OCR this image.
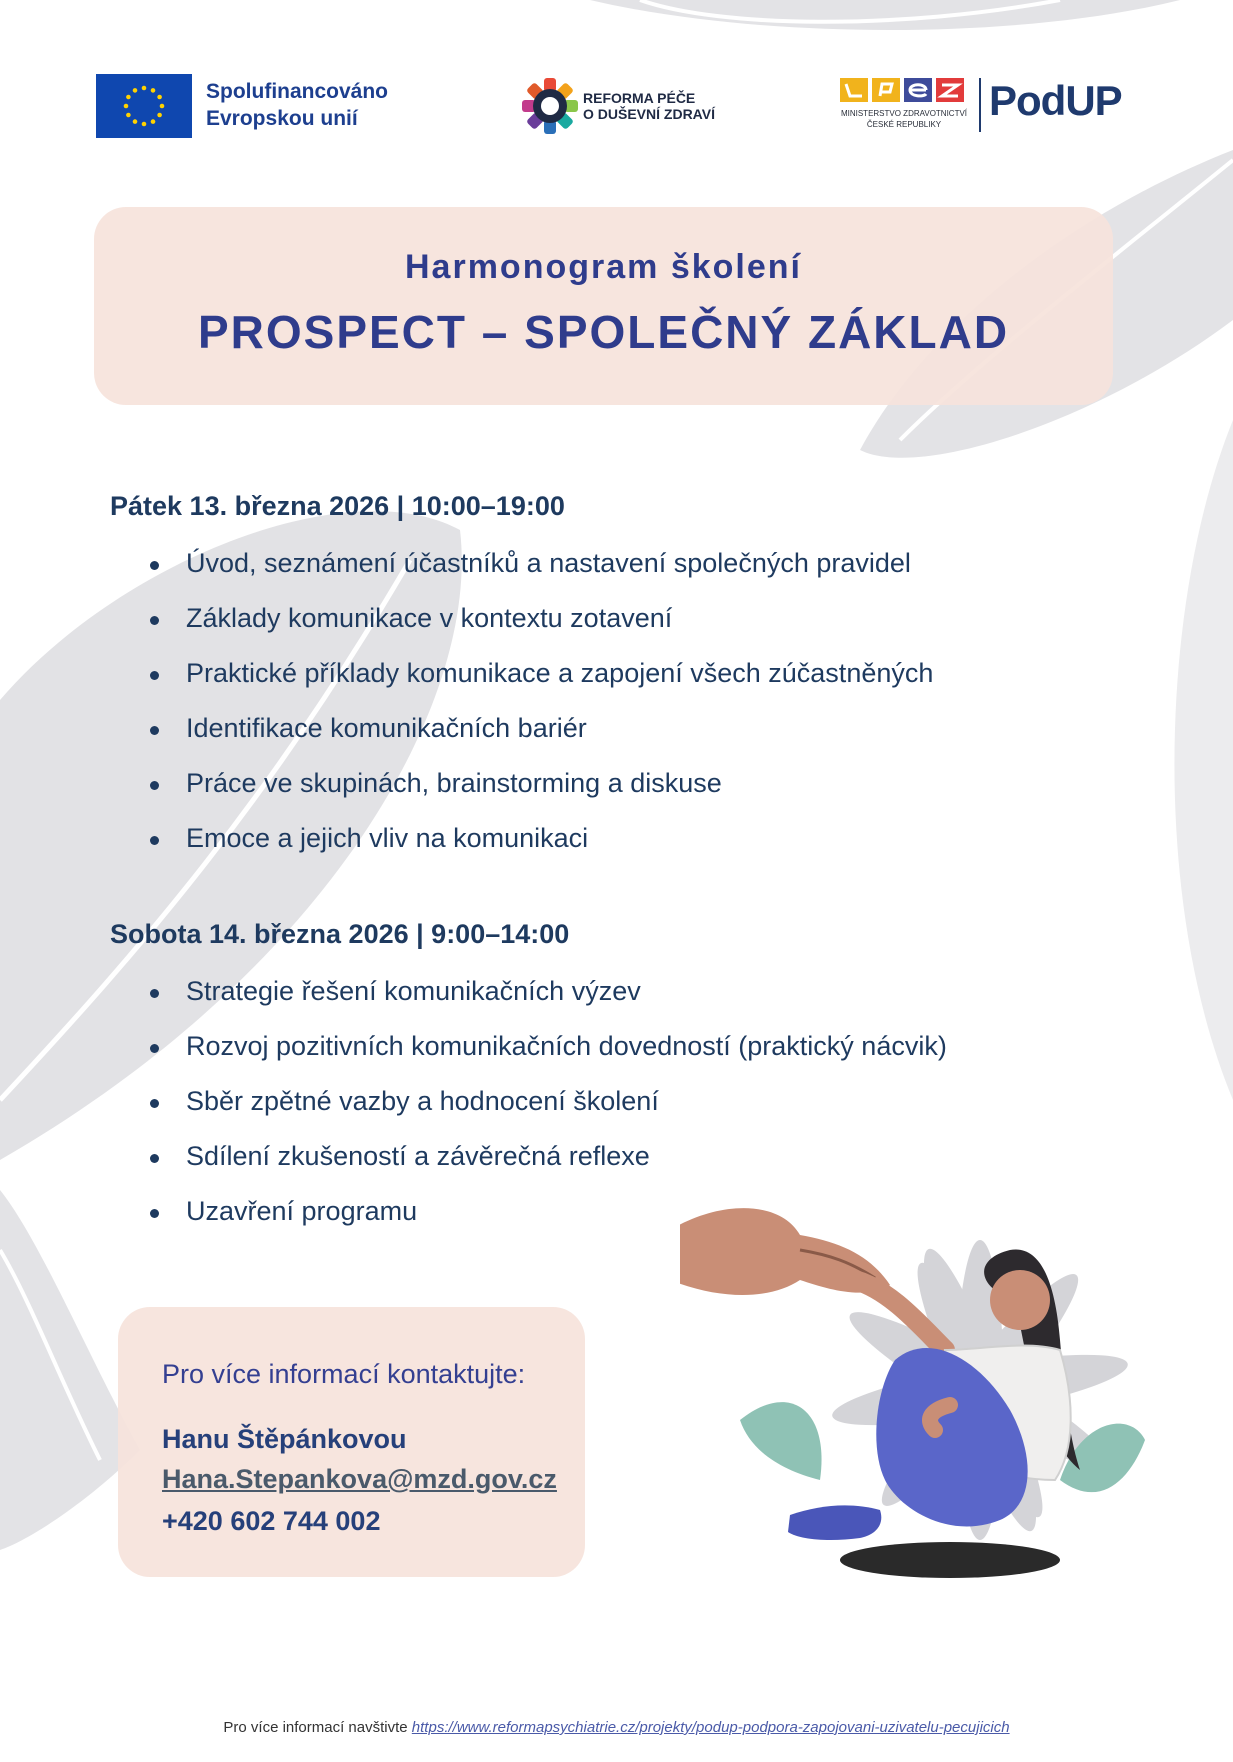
Spolufinancováno
Evropskou unií
REFORMA PÉČE
O DUŠEVNÍ ZDRAVÍ	MINISTERSTVO ZDRAVOTNICTVÍ
ČESKÉ REPUBLIKY
PodUP
Harmonogram školení
PROSPECT – SPOLEČNÝ ZÁKLAD
Pátek 13. března 2026 | 10:00–19:00
Úvod, seznámení účastníků a nastavení společných pravidel
Základy komunikace v kontextu zotavení
Praktické příklady komunikace a zapojení všech zúčastněných
Identifikace komunikačních bariér
Práce ve skupinách, brainstorming a diskuse
Emoce a jejich vliv na komunikaci
Sobota 14. března 2026 | 9:00–14:00
Strategie řešení komunikačních výzev
Rozvoj pozitivních komunikačních dovedností (praktický nácvik)
Sběr zpětné vazby a hodnocení školení
Sdílení zkušeností a závěrečná reflexe
Uzavření programu
Pro více informací kontaktujte:
Hanu Štěpánkovou
Hana.Stepankova@mzd.gov.cz
+420 602 744 002
Pro více informací navštivte https://www.reformapsychiatrie.cz/projekty/podup-podpora-zapojovani-uzivatelu-pecujicich
